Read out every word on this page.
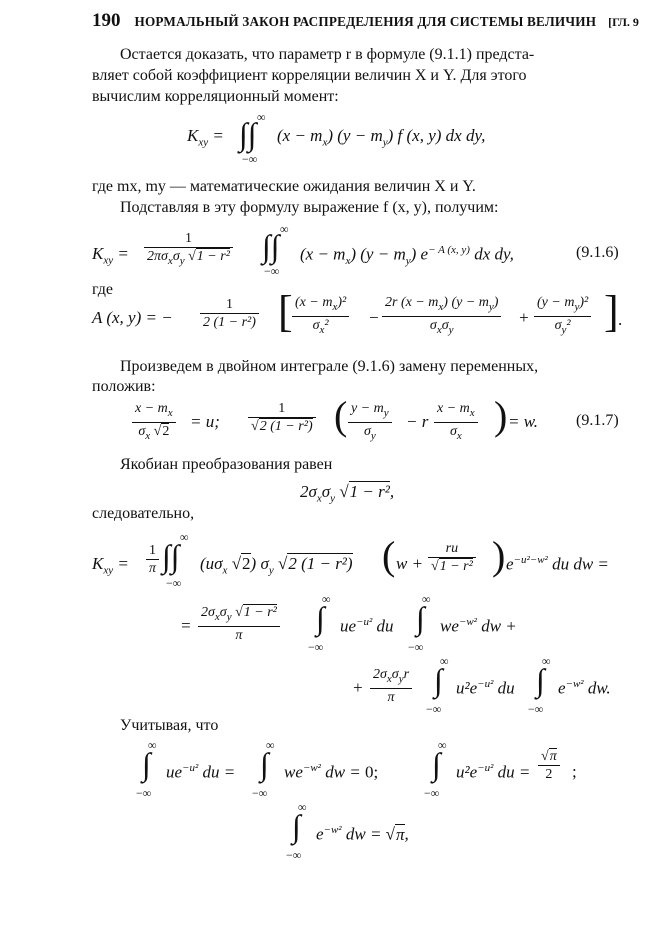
190 НОРМАЛЬНЫЙ ЗАКОН РАСПРЕДЕЛЕНИЯ ДЛЯ СИСТЕМЫ ВЕЛИЧИН [ГЛ. 9
Остается доказать, что параметр r в формуле (9.1.1) предста-
вляет собой коэффициент корреляции величин X и Y. Для этого
вычислим корреляционный момент:
$K_{xy}$ = ∫∫ ∞
−∞
$(x - m_x)$ $(y - m_y)$ f (x, y) dx dy,
где mx, my — математические ожидания величин X и Y.
Подставляя в эту формулу выражение f (x, y), получим:
$K_{xy}$ =
1
$2\pi\sigma_x\sigma_y$ √1 − r² ∫∫ ∞
−∞
$(x - m_x)$ $(y - m_y)$ $e^{- A (x, y)}$ dx dy,	(9.1.6)
где
A (x, y) = − $\frac{1}{\text{2 (1 − r²)}}$ [ $\frac{(x - m_x)^2}{\sigma_x^2}$ −
2r $(x - m_x)$ $(y - m_y)$
$\sigma_x\sigma_y$
+ $\frac{(y - m_y)^2}{\sigma_y^2}$ ] .
Произведем в двойном интеграле (9.1.6) замену переменных,
положив:
$\frac{x - m_x}{\sigma_x √2} = u$; $\frac{1}{\text{√2 (1 − r²)}}$ ( $\frac{y - m_y}{\sigma_y} - r \frac{x - m_x}{\sigma_x}$ ) = w. (9.1.7)
Якобиан преобразования равен
$2\sigma_x\sigma_y$ √1 − r²,
следовательно,
$K_{xy} = \frac{1}{\pi}$ ∫∫
∞
−∞
($u\sigma_x$ √2) $\sigma_y$ √2 (1 − r²) ( $w + \frac{ru}{\text{√1 − r²}}$ ) $e^{-u^2-w^2}$ du dw =
=
$2\sigma_x\sigma_y$ √1 − r²
π	∫
∞
−∞
$ue^{-u^2}$ du ∫
∞
−∞
$we^{-w^2}$ dw +
+
$2\sigma_x\sigma_yr$
π	∫
∞
−∞
$u^2e^{-u^2}$ du ∫
∞
−∞
$e^{-w^2}$ dw.
Учитывая, что
∫
∞
−∞
$ue^{-u^2}$ du = ∫
∞
−∞
$we^{-w^2}$ dw = 0; ∫
∞
−∞
$u^2e^{-u^2}$ du = $\frac{√\pi}{2}$ ;
∫
∞
−∞
$e^{-w^2}$ dw = √π,
